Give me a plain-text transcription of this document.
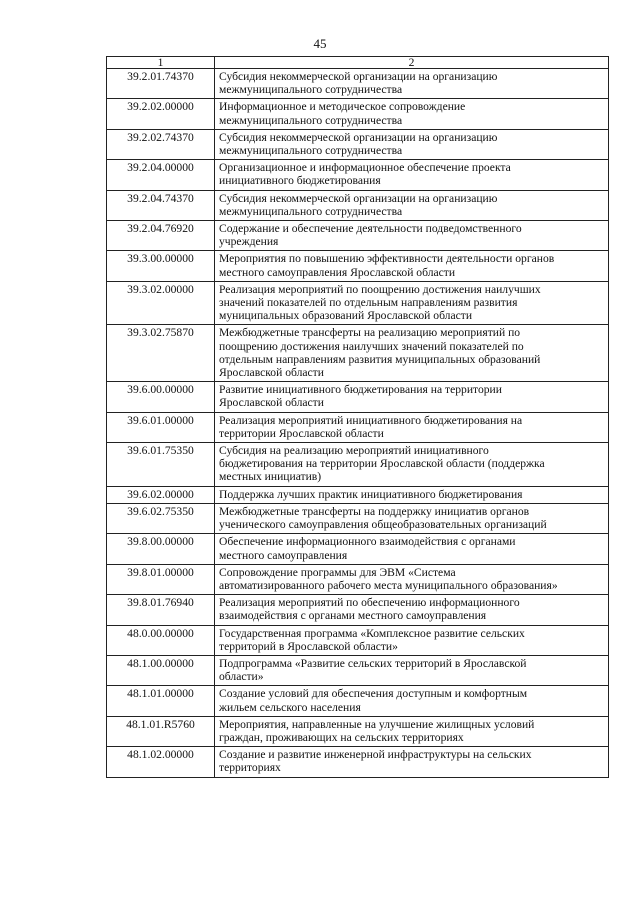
45
1	2
39.2.01.74370	Субсидия некоммерческой организации на организацию
межмуниципального сотрудничества

39.2.02.00000	Информационное и методическое сопровождение
межмуниципального сотрудничества

39.2.02.74370	Субсидия некоммерческой организации на организацию
межмуниципального сотрудничества

39.2.04.00000	Организационное и информационное обеспечение проекта
инициативного бюджетирования

39.2.04.74370	Субсидия некоммерческой организации на организацию
межмуниципального сотрудничества

39.2.04.76920	Содержание и обеспечение деятельности подведомственного
учреждения

39.3.00.00000	Мероприятия по повышению эффективности деятельности органов
местного самоуправления Ярославской области

39.3.02.00000	Реализация мероприятий по поощрению достижения наилучших
значений показателей по отдельным направлениям развития
муниципальных образований Ярославской области

39.3.02.75870	Межбюджетные трансферты на реализацию мероприятий по
поощрению достижения наилучших значений показателей по
отдельным направлениям развития муниципальных образований
Ярославской области

39.6.00.00000	Развитие инициативного бюджетирования на территории
Ярославской области

39.6.01.00000	Реализация мероприятий инициативного бюджетирования на
территории Ярославской области

39.6.01.75350	Субсидия на реализацию мероприятий инициативного
бюджетирования на территории Ярославской области (поддержка
местных инициатив)

39.6.02.00000	Поддержка лучших практик инициативного бюджетирования

39.6.02.75350	Межбюджетные трансферты на поддержку инициатив органов
ученического самоуправления общеобразовательных организаций

39.8.00.00000	Обеспечение информационного взаимодействия с органами
местного самоуправления

39.8.01.00000	Сопровождение программы для ЭВМ «Система
автоматизированного рабочего места муниципального образования»

39.8.01.76940	Реализация мероприятий по обеспечению информационного
взаимодействия с органами местного самоуправления

48.0.00.00000	Государственная программа «Комплексное развитие сельских
территорий в Ярославской области»

48.1.00.00000	Подпрограмма «Развитие сельских территорий в Ярославской
области»

48.1.01.00000	Создание условий для обеспечения доступным и комфортным
жильем сельского населения

48.1.01.R5760	Мероприятия, направленные на улучшение жилищных условий
граждан, проживающих на сельских территориях

48.1.02.00000	Создание и развитие инженерной инфраструктуры на сельских
территориях
